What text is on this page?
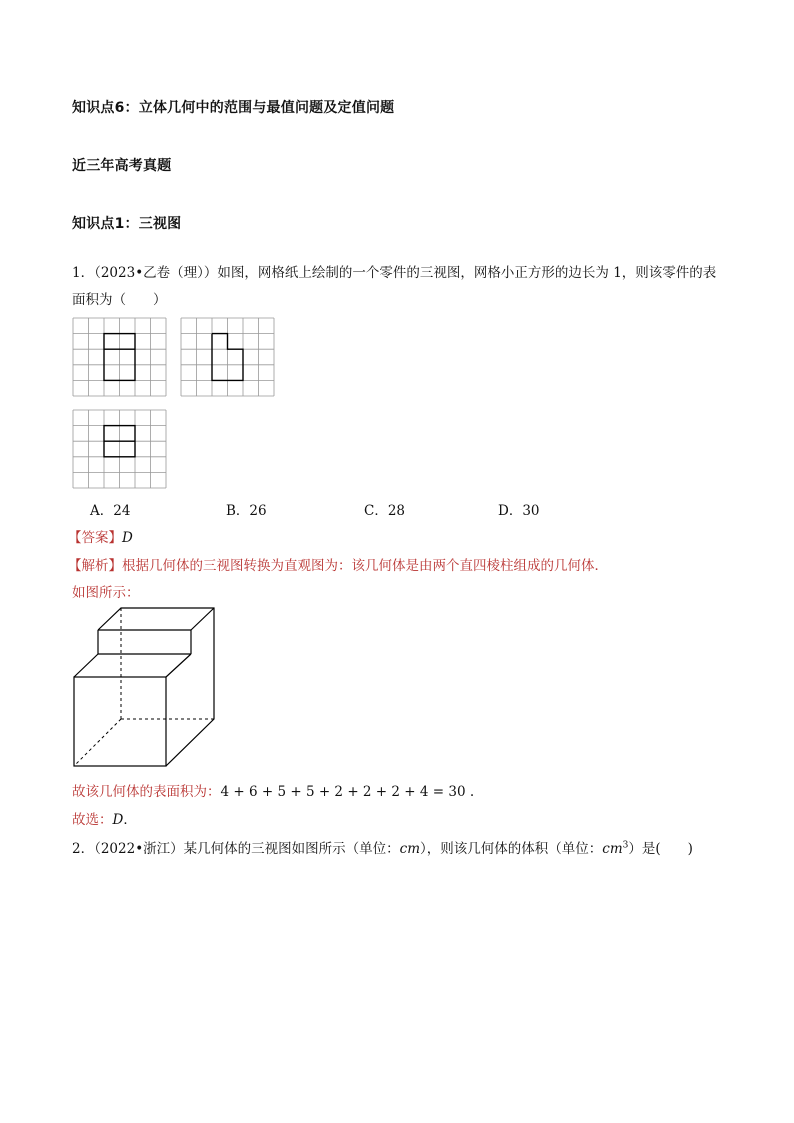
知识点6：立体几何中的范围与最值问题及定值问题
近三年高考真题
知识点1：三视图
1．（2023•乙卷（理））如图，网格纸上绘制的一个零件的三视图，网格小正方形的边长为 1，则该零件的表
面积为（　　）
A．24	B．26	C．28	D．30
【答案】D
【解析】根据几何体的三视图转换为直观图为：该几何体是由两个直四棱柱组成的几何体．
如图所示：
故该几何体的表面积为：4 + 6 + 5 + 5 + 2 + 2 + 2 + 4 = 30 .
故选：D．
2．（2022•浙江）某几何体的三视图如图所示（单位：cm），则该几何体的体积（单位：$cm^3$）是(　　)
